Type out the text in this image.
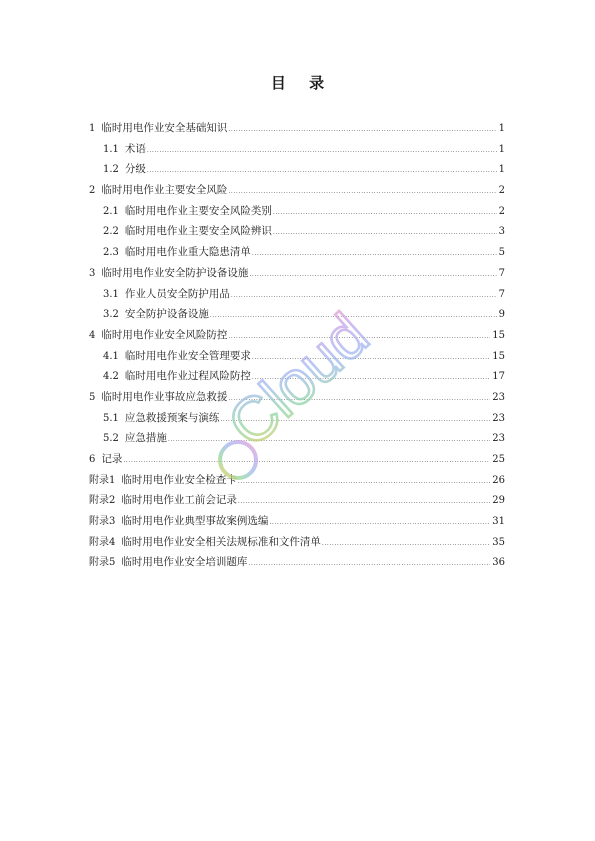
目 录
1 临时用电作业安全基础知识 .....	1
1.1 术语 .....	1
1.2 分级 .....	1
2 临时用电作业主要安全风险 .....	2
2.1 临时用电作业主要安全风险类别 .....	2
2.2 临时用电作业主要安全风险辨识 .....	3
2.3 临时用电作业重大隐患清单 .....	5
3 临时用电作业安全防护设备设施 .....	7
3.1 作业人员安全防护用品 .....	7
3.2 安全防护设备设施 .....	9
4 临时用电作业安全风险防控 .....	15
4.1 临时用电作业安全管理要求 .....	15
4.2 临时用电作业过程风险防控 .....	17
5 临时用电作业事故应急救援 .....	23
5.1 应急救援预案与演练 .....	23
5.2 应急措施 .....	23
6 记录 .....	25
附录1 临时用电作业安全检查卡 .....	26
附录2 临时用电作业工前会记录 .....	29
附录3 临时用电作业典型事故案例选编 .....	31
附录4 临时用电作业安全相关法规标准和文件清单 .....	35
附录5 临时用电作业安全培训题库 .....	36
Cloud
